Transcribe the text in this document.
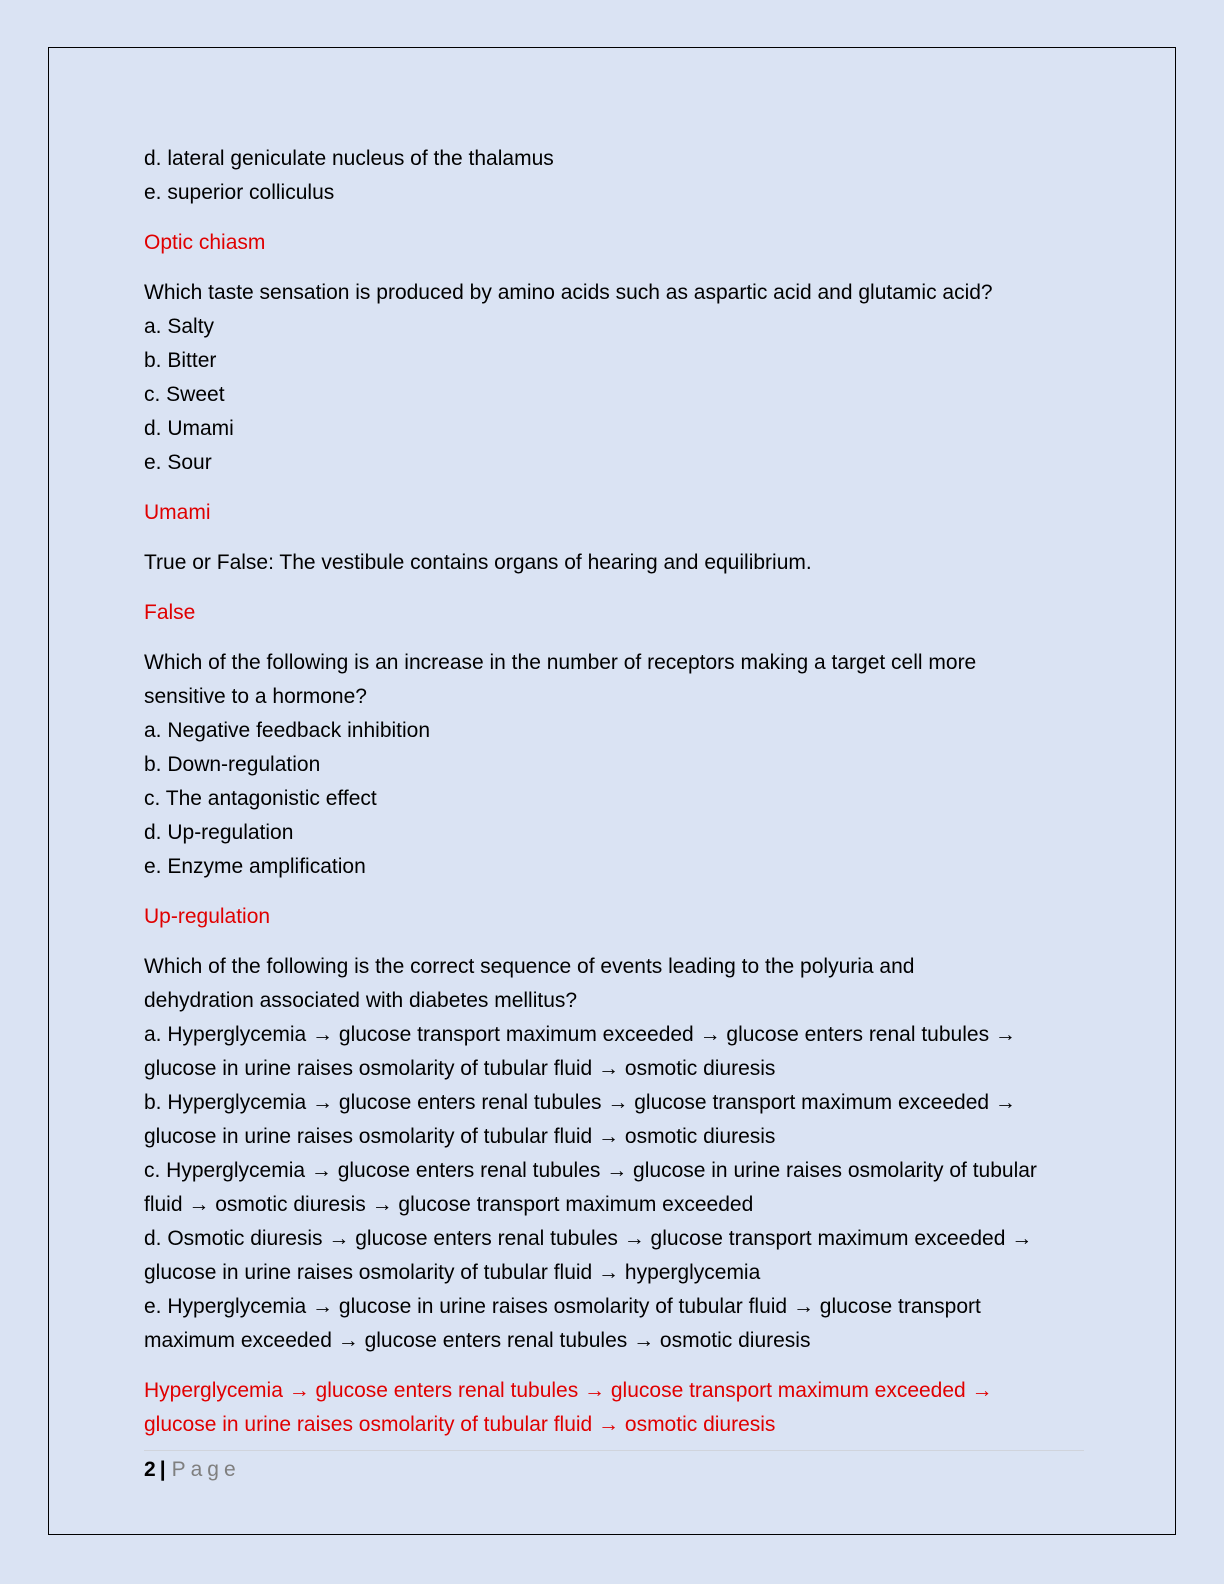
d. lateral geniculate nucleus of the thalamus
e. superior colliculus
Optic chiasm
Which taste sensation is produced by amino acids such as aspartic acid and glutamic acid?
a. Salty
b. Bitter
c. Sweet
d. Umami
e. Sour
Umami
True or False: The vestibule contains organs of hearing and equilibrium.
False
Which of the following is an increase in the number of receptors making a target cell more
sensitive to a hormone?
a. Negative feedback inhibition
b. Down-regulation
c. The antagonistic effect
d. Up-regulation
e. Enzyme amplification
Up-regulation
Which of the following is the correct sequence of events leading to the polyuria and
dehydration associated with diabetes mellitus?
a. Hyperglycemia → glucose transport maximum exceeded → glucose enters renal tubules →
glucose in urine raises osmolarity of tubular fluid → osmotic diuresis
b. Hyperglycemia → glucose enters renal tubules → glucose transport maximum exceeded →
glucose in urine raises osmolarity of tubular fluid → osmotic diuresis
c. Hyperglycemia → glucose enters renal tubules → glucose in urine raises osmolarity of tubular
fluid → osmotic diuresis → glucose transport maximum exceeded
d. Osmotic diuresis → glucose enters renal tubules → glucose transport maximum exceeded →
glucose in urine raises osmolarity of tubular fluid → hyperglycemia
e. Hyperglycemia → glucose in urine raises osmolarity of tubular fluid → glucose transport
maximum exceeded → glucose enters renal tubules → osmotic diuresis
Hyperglycemia → glucose enters renal tubules → glucose transport maximum exceeded →
glucose in urine raises osmolarity of tubular fluid → osmotic diuresis
2 | Page
